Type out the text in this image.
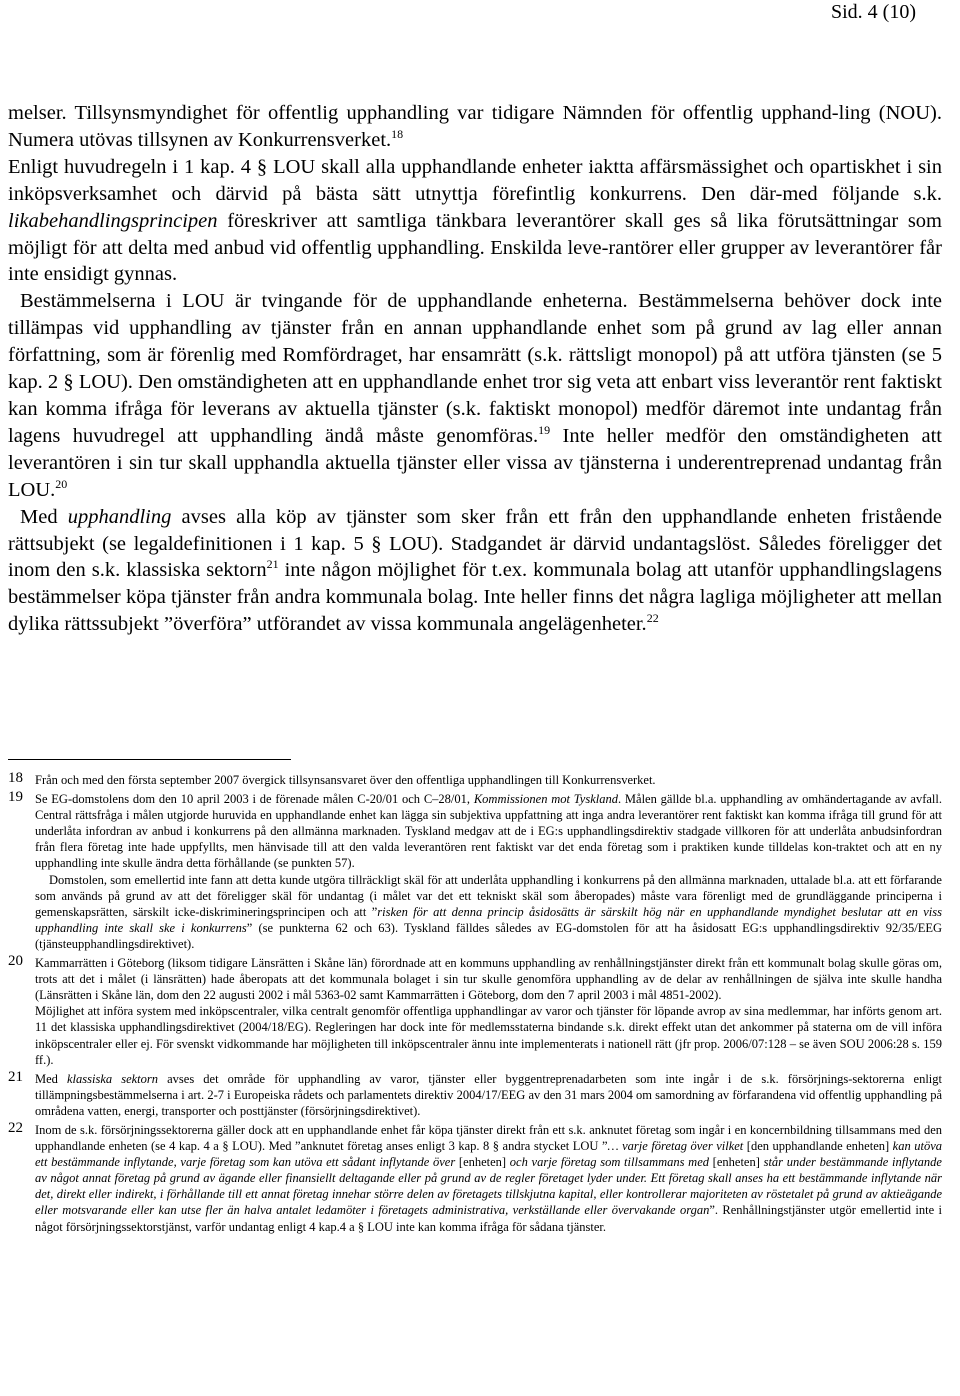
Sid. 4 (10)

melser. Tillsynsmyndighet för offentlig upphandling var tidigare Nämnden för offentlig upphand-ling (NOU). Numera utövas tillsynen av Konkurrensverket.$^{18}$

Enligt huvudregeln i 1 kap. 4 § LOU skall alla upphandlande enheter iaktta affärsmässighet och opartiskhet i sin inköpsverksamhet och därvid på bästa sätt utnyttja förefintlig konkurrens. Den där-med följande s.k. likabehandlingsprincipen föreskriver att samtliga tänkbara leverantörer skall ges så lika förutsättningar som möjligt för att delta med anbud vid offentlig upphandling. Enskilda leve-rantörer eller grupper av leverantörer får inte ensidigt gynnas.

Bestämmelserna i LOU är tvingande för de upphandlande enheterna. Bestämmelserna behöver dock inte tillämpas vid upphandling av tjänster från en annan upphandlande enhet som på grund av lag eller annan författning, som är förenlig med Romfördraget, har ensamrätt (s.k. rättsligt monopol) på att utföra tjänsten (se 5 kap. 2 § LOU). Den omständigheten att en upphandlande enhet tror sig veta att enbart viss leverantör rent faktiskt kan komma ifråga för leverans av aktuella tjänster (s.k. faktiskt monopol) medför däremot inte undantag från lagens huvudregel att upphandling ändå måste genomföras.$^{19}$ Inte heller medför den omständigheten att leverantören i sin tur skall upphandla aktuella tjänster eller vissa av tjänsterna i underentreprenad undantag från LOU.$^{20}$

Med upphandling avses alla köp av tjänster som sker från ett från den upphandlande enheten fristående rättsubjekt (se legaldefinitionen i 1 kap. 5 § LOU). Stadgandet är därvid undantagslöst. Således föreligger det inom den s.k. klassiska sektorn$^{21}$ inte någon möjlighet för t.ex. kommunala bolag att utanför upphandlingslagens bestämmelser köpa tjänster från andra kommunala bolag. Inte heller finns det några lagliga möjligheter att mellan dylika rättssubjekt ”överföra” utförandet av vissa kommunala angelägenheter.$^{22}$

18 Från och med den första september 2007 övergick tillsynsansvaret över den offentliga upphandlingen till Konkurrensverket.

19 Se EG-domstolens dom den 10 april 2003 i de förenade målen C-20/01 och C–28/01, Kommissionen mot Tyskland. Målen gällde bl.a. upphandling av omhändertagande av avfall. Central rättsfråga i målen utgjorde huruvida en upphandlande enhet kan lägga sin subjektiva uppfattning att inga andra leverantörer rent faktiskt kan komma ifråga till grund för att underlåta infordran av anbud i konkurrens på den allmänna marknaden. Tyskland medgav att de i EG:s upphandlingsdirektiv stadgade villkoren för att underlåta anbudsinfordran från flera företag inte hade uppfyllts, men hänvisade till att den valda leverantören rent faktiskt var det enda företag som i praktiken kunde tilldelas kon-traktet och att en ny upphandling inte skulle ändra detta förhållande (se punkten 57).

Domstolen, som emellertid inte fann att detta kunde utgöra tillräckligt skäl för att underlåta upphandling i konkurrens på den allmänna marknaden, uttalade bl.a. att ett förfarande som används på grund av att det föreligger skäl för undantag (i målet var det ett tekniskt skäl som åberopades) måste vara förenligt med de grundläggande principerna i gemenskapsrätten, särskilt icke-diskrimineringsprincipen och att ”risken för att denna princip åsidosätts är särskilt hög när en upphandlande myndighet beslutar att en viss upphandling inte skall ske i konkurrens” (se punkterna 62 och 63). Tyskland fälldes således av EG-domstolen för att ha åsidosatt EG:s upphandlingsdirektiv 92/35/EEG (tjänsteupphandlingsdirektivet).

20 Kammarrätten i Göteborg (liksom tidigare Länsrätten i Skåne län) förordnade att en kommuns upphandling av renhållningstjänster direkt från ett kommunalt bolag skulle göras om, trots att det i målet (i länsrätten) hade åberopats att det kommunala bolaget i sin tur skulle genomföra upphandling av de delar av renhållningen de själva inte skulle handha (Länsrätten i Skåne län, dom den 22 augusti 2002 i mål 5363-02 samt Kammarrätten i Göteborg, dom den 7 april 2003 i mål 4851-2002).

Möjlighet att införa system med inköpscentraler, vilka centralt genomför offentliga upphandlingar av varor och tjänster för löpande avrop av sina medlemmar, har införts genom art. 11 det klassiska upphandlingsdirektivet (2004/18/EG). Regleringen har dock inte för medlemsstaterna bindande s.k. direkt effekt utan det ankommer på staterna om de vill införa inköpscentraler eller ej. För svenskt vidkommande har möjligheten till inköpscentraler ännu inte implementerats i nationell rätt (jfr prop. 2006/07:128 – se även SOU 2006:28 s. 159 ff.).

21 Med klassiska sektorn avses det område för upphandling av varor, tjänster eller byggentreprenadarbeten som inte ingår i de s.k. försörjnings-sektorerna enligt tillämpningsbestämmelserna i art. 2-7 i Europeiska rådets och parlamentets direktiv 2004/17/EEG av den 31 mars 2004 om samordning av förfarandena vid offentlig upphandling på områdena vatten, energi, transporter och posttjänster (försörjningsdirektivet).

22 Inom de s.k. försörjningssektorerna gäller dock att en upphandlande enhet får köpa tjänster direkt från ett s.k. anknutet företag som ingår i en koncernbildning tillsammans med den upphandlande enheten (se 4 kap. 4 a § LOU). Med ”anknutet företag anses enligt 3 kap. 8 § andra stycket LOU ”… varje företag över vilket [den upphandlande enheten] kan utöva ett bestämmande inflytande, varje företag som kan utöva ett sådant inflytande över [enheten] och varje företag som tillsammans med [enheten] står under bestämmande inflytande av något annat företag på grund av ägande eller finansiellt deltagande eller på grund av de regler företaget lyder under. Ett företag skall anses ha ett bestämmande inflytande när det, direkt eller indirekt, i förhållande till ett annat företag innehar större delen av företagets tillskjutna kapital, eller kontrollerar majoriteten av röstetalet på grund av aktieägande eller motsvarande eller kan utse fler än halva antalet ledamöter i företagets administrativa, verkställande eller övervakande organ”. Renhållningstjänster utgör emellertid inte i något försörjningssektorstjänst, varför undantag enligt 4 kap.4 a § LOU inte kan komma ifråga för sådana tjänster.
